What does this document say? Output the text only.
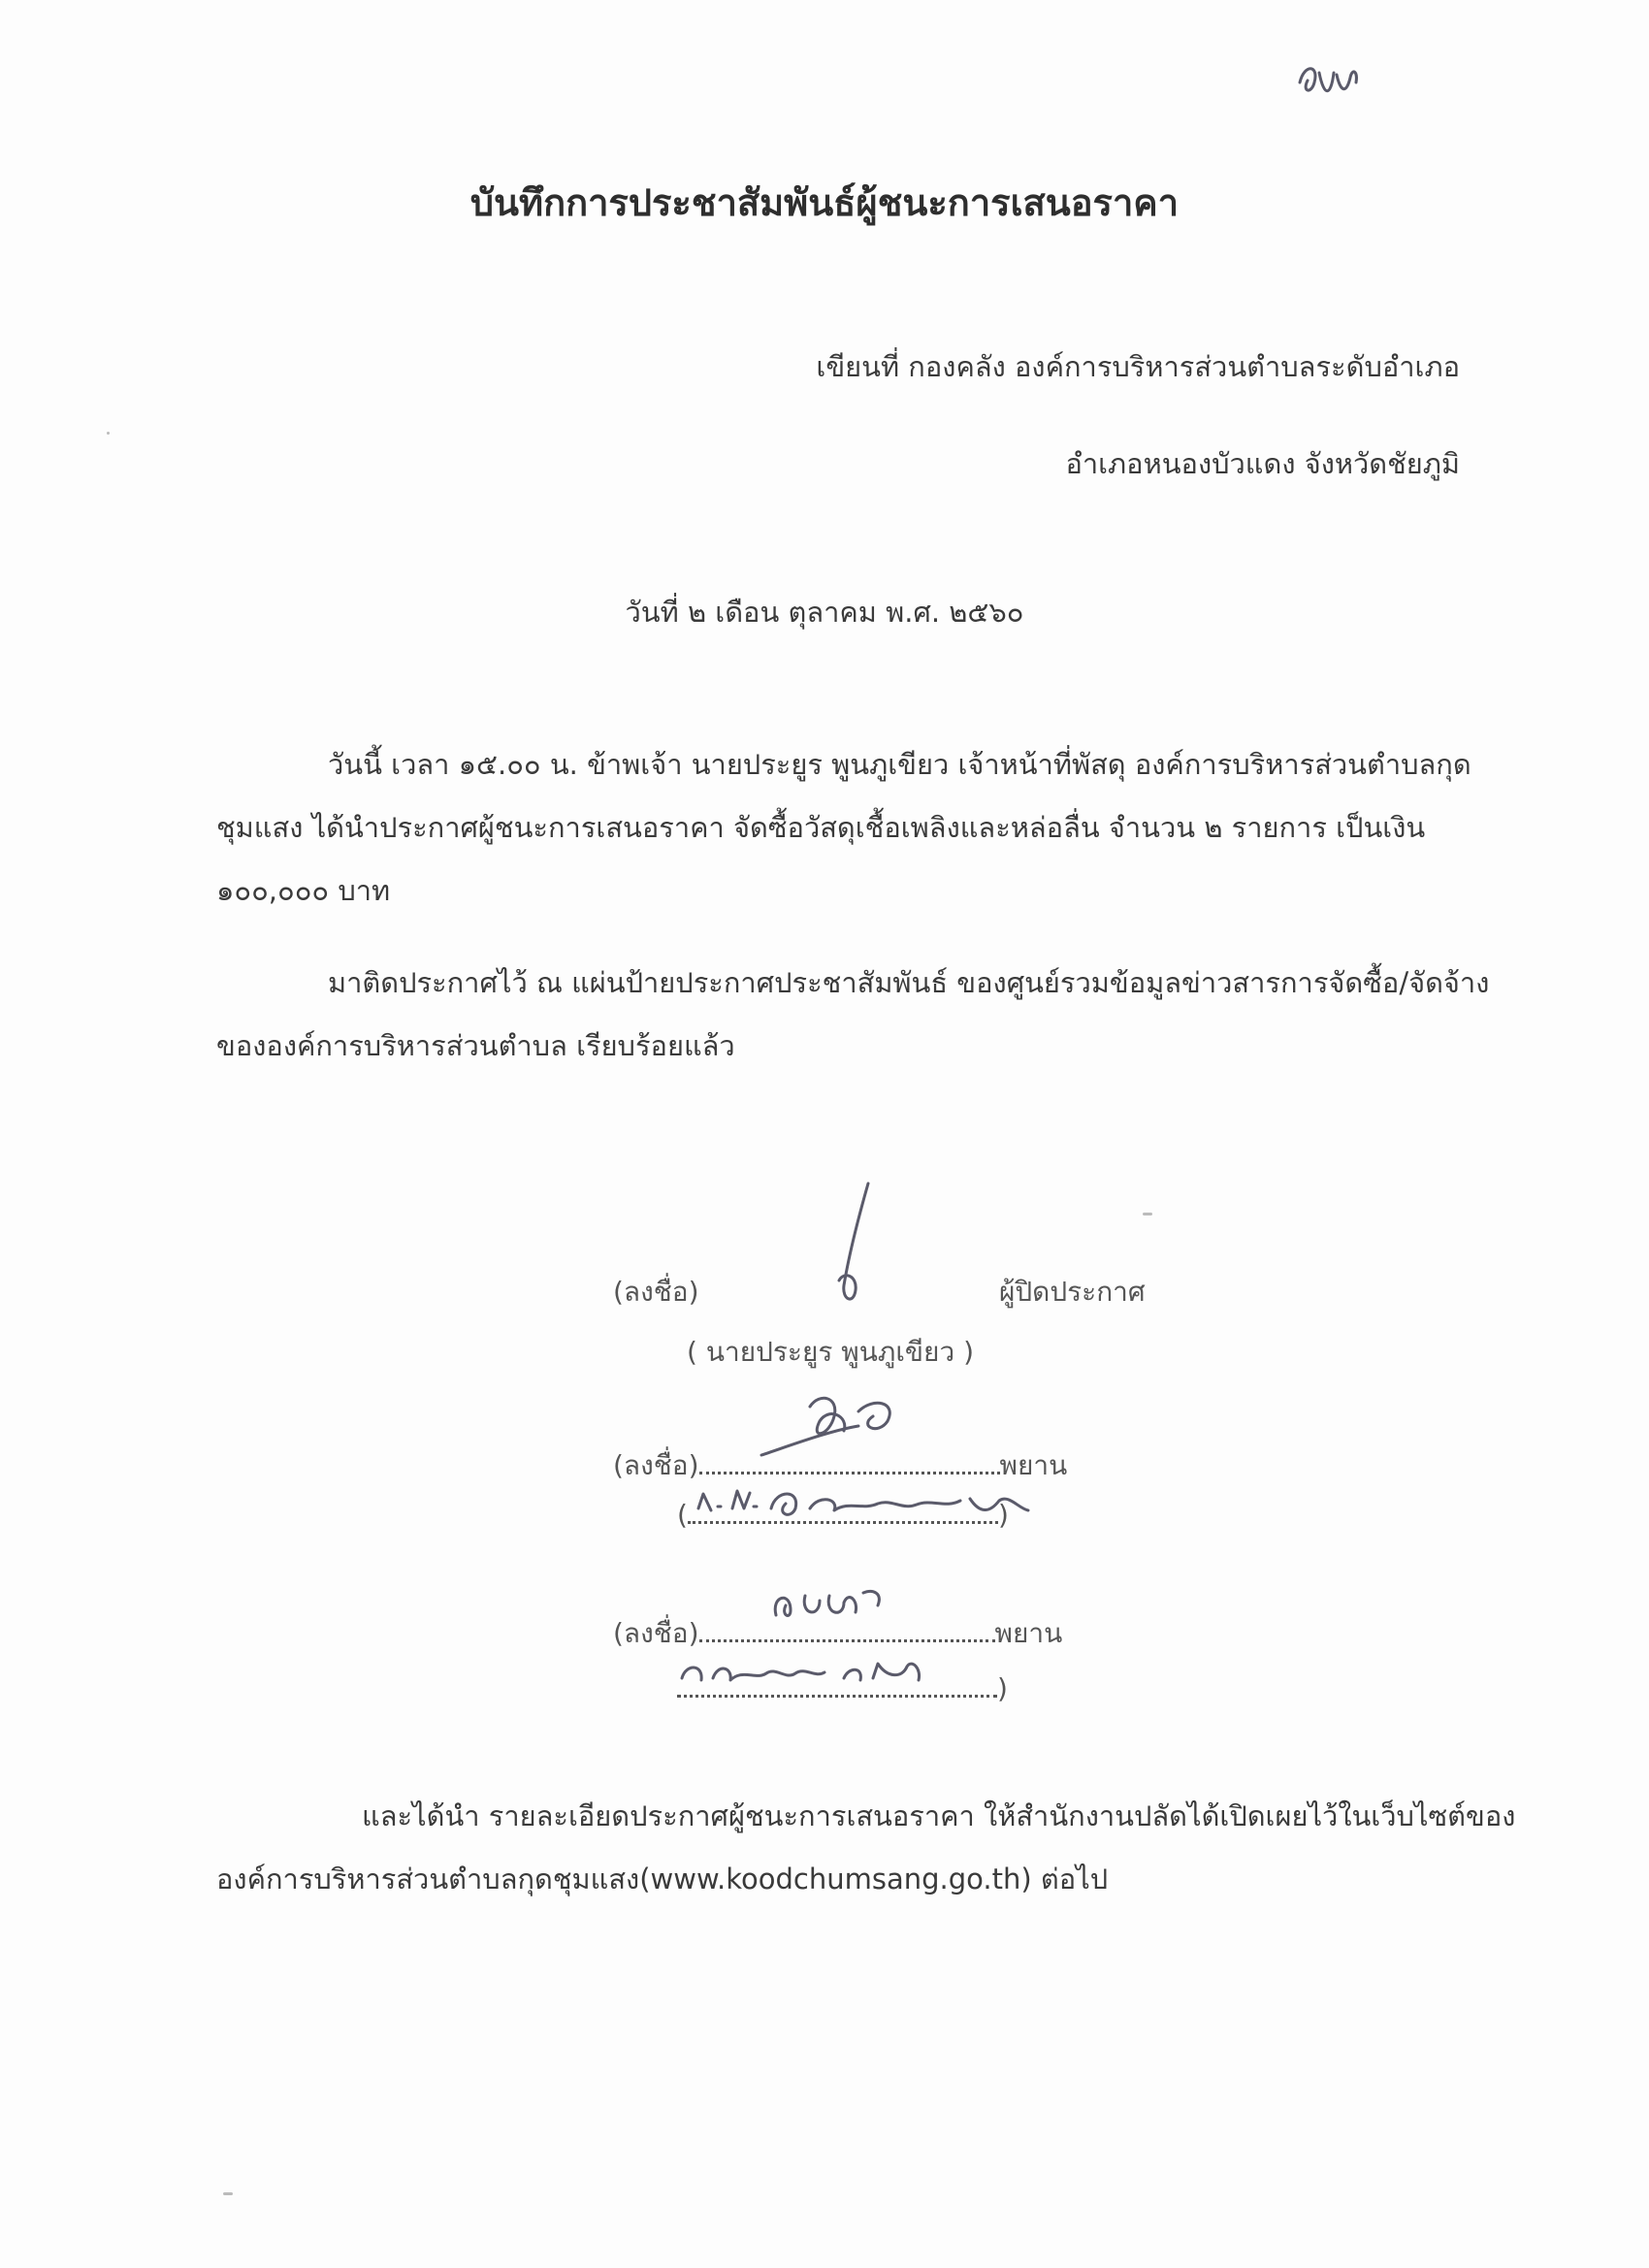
บันทึกการประชาสัมพันธ์ผู้ชนะการเสนอราคา
เขียนที่ กองคลัง องค์การบริหารส่วนตำบลระดับอำเภอ
อำเภอหนองบัวแดง จังหวัดชัยภูมิ
วันที่ ๒ เดือน ตุลาคม พ.ศ. ๒๕๖๐
วันนี้ เวลา ๑๕.๐๐ น. ข้าพเจ้า นายประยูร พูนภูเขียว เจ้าหน้าที่พัสดุ องค์การบริหารส่วนตำบลกุด
ชุมแสง ได้นำประกาศผู้ชนะการเสนอราคา จัดซื้อวัสดุเชื้อเพลิงและหล่อลื่น จำนวน ๒ รายการ เป็นเงิน
๑๐๐,๐๐๐ บาท
มาติดประกาศไว้ ณ แผ่นป้ายประกาศประชาสัมพันธ์ ของศูนย์รวมข้อมูลข่าวสารการจัดซื้อ/จัดจ้าง
ขององค์การบริหารส่วนตำบล เรียบร้อยแล้ว
(ลงชื่อ)	ผู้ปิดประกาศ
( นายประยูร พูนภูเขียว )
(ลงชื่อ)	พยาน
(	)
(ลงชื่อ)	พยาน
)
และได้นำ รายละเอียดประกาศผู้ชนะการเสนอราคา ให้สำนักงานปลัดได้เปิดเผยไว้ในเว็บไซต์ของ
องค์การบริหารส่วนตำบลกุดชุมแสง(www.koodchumsang.go.th) ต่อไป
